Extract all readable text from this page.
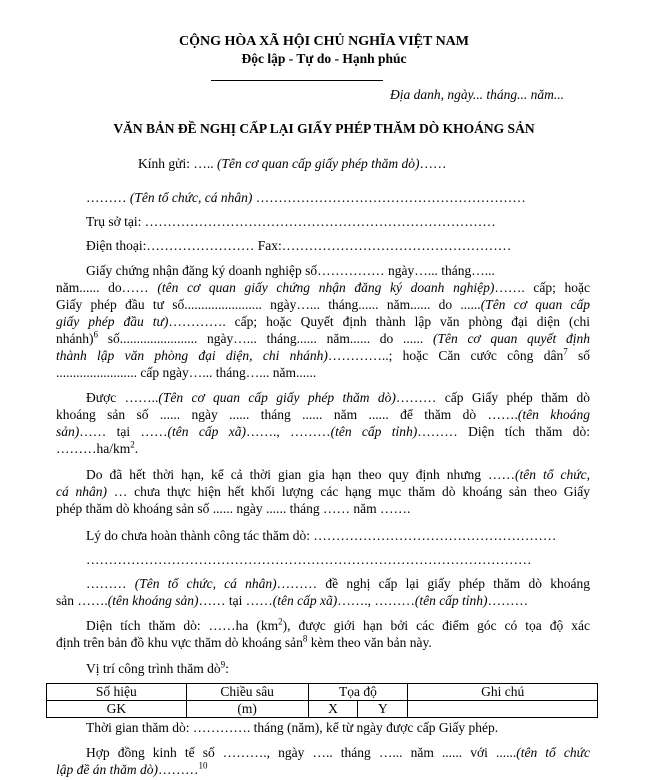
CỘNG HÒA XÃ HỘI CHỦ NGHĨA VIỆT NAM
Độc lập - Tự do - Hạnh phúc
Địa danh, ngày... tháng... năm...
VĂN BẢN ĐỀ NGHỊ CẤP LẠI GIẤY PHÉP THĂM DÒ KHOÁNG SẢN
Kính gửi: ….. (Tên cơ quan cấp giấy phép thăm dò)……
……… (Tên tổ chức, cá nhân) ……………………………………………………
Trụ sở tại: ……………………………………………………………………
Điện thoại:…………………… Fax:……………………………………………
Giấy chứng nhận đăng ký doanh nghiệp số…………… ngày…... tháng…...
năm...... do…… (tên cơ quan giấy chứng nhận đăng ký doanh nghiệp)……. cấp; hoặc
Giấy phép đầu tư số....................... ngày…... tháng...... năm...... do ......(Tên cơ quan cấp
giấy phép đầu tư)…………. cấp; hoặc Quyết định thành lập văn phòng đại diện (chi
nhánh)$^6$ số....................... ngày…... tháng...... năm...... do ...... (Tên cơ quan quyết định
thành lập văn phòng đại diện, chi nhánh)…………..; hoặc Căn cước công dân$^7$ số
........................ cấp ngày…... tháng…... năm......
Được ……..(Tên cơ quan cấp giấy phép thăm dò)……… cấp Giấy phép thăm dò
khoáng sản số ...... ngày ...... tháng ...... năm ...... để thăm dò …….(tên khoáng
sản)…… tại ……(tên cấp xã)……., ………(tên cấp tỉnh)……… Diện tích thăm dò:
$\dots\dots\dots ha/km^2$.
Do đã hết thời hạn, kể cả thời gian gia hạn theo quy định nhưng ……(tên tổ chức,
cá nhân) … chưa thực hiện hết khối lượng các hạng mục thăm dò khoáng sản theo Giấy
phép thăm dò khoáng sản số ...... ngày ...... tháng …… năm …….
Lý do chưa hoàn thành công tác thăm dò: ………………………………………………
………………………………………………………………………………………
……… (Tên tổ chức, cá nhân)……… đề nghị cấp lại giấy phép thăm dò khoáng
sản …….(tên khoáng sản)…… tại ……(tên cấp xã)……., ………(tên cấp tỉnh)………
Diện tích thăm dò: ……ha $(km^2)$, được giới hạn bởi các điểm góc có tọa độ xác
định trên bản đồ khu vực thăm dò khoáng sản$^8$ kèm theo văn bản này.
Vị trí công trình thăm $dò^9$:
Số hiệu	Chiều sâu	Tọa độ		Ghi chú
GK	(m)	X	Y	
Thời gian thăm dò: …………. tháng (năm), kể từ ngày được cấp Giấy phép.
Hợp đồng kinh tế số ………., ngày ….. tháng …... năm ...... với ......(tên tổ chức
lập đề án thăm dò)………$^{10}$
